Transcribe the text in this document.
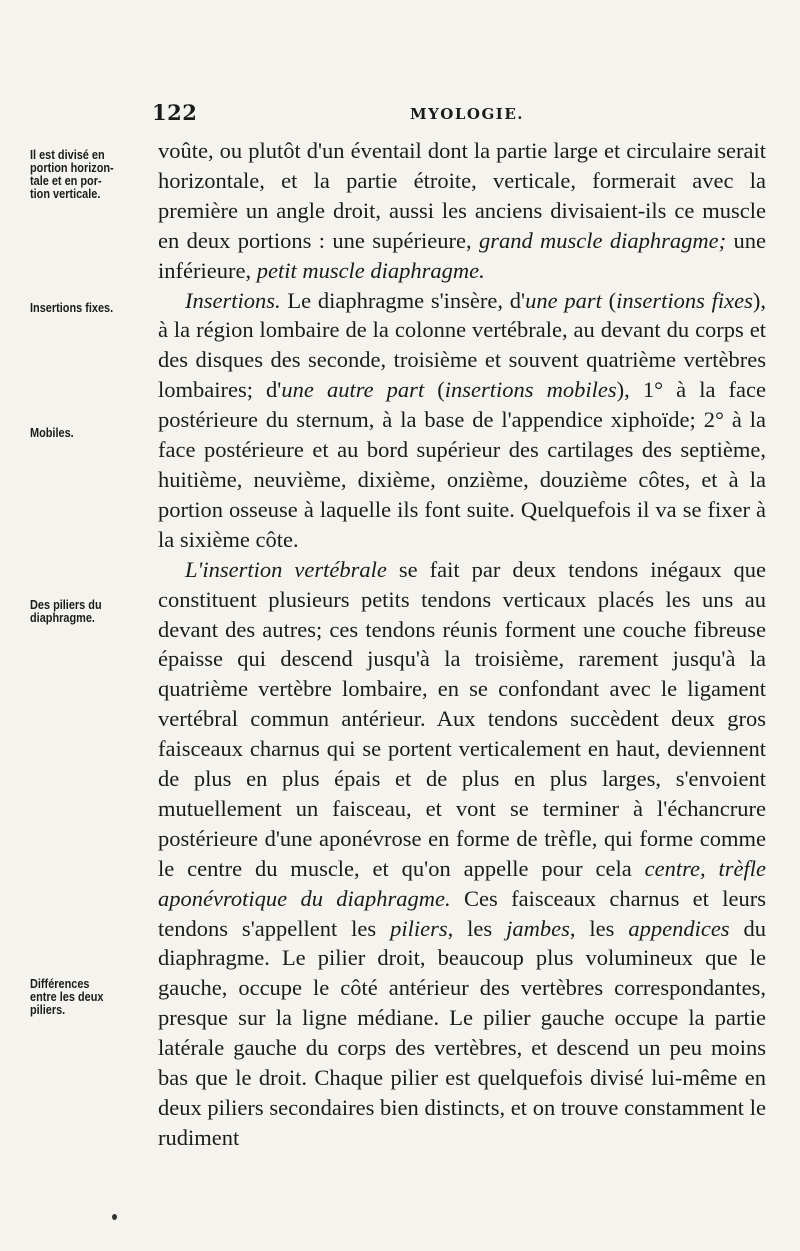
122	MYOLOGIE.
Il est divisé en
portion horizon-
tale et en por-
tion verticale.
Insertions fixes.
Mobiles.
Des piliers du
diaphragme.
Différences
entre les deux
piliers.

voûte, ou plutôt d'un éventail dont la partie large et circulaire serait horizontale, et la partie étroite, verticale, formerait avec la première un angle droit, aussi les anciens divisaient-ils ce muscle en deux portions : une supérieure, grand muscle diaphragme; une inférieure, petit muscle diaphragme.

Insertions. Le diaphragme s'insère, d'une part (insertions fixes), à la région lombaire de la colonne vertébrale, au devant du corps et des disques des seconde, troisième et souvent quatrième vertèbres lombaires; d'une autre part (insertions mobiles), 1° à la face postérieure du sternum, à la base de l'appendice xiphoïde; 2° à la face postérieure et au bord supérieur des cartilages des septième, huitième, neuvième, dixième, onzième, douzième côtes, et à la portion osseuse à laquelle ils font suite. Quelquefois il va se fixer à la sixième côte.

L'insertion vertébrale se fait par deux tendons inégaux que constituent plusieurs petits tendons verticaux placés les uns au devant des autres; ces tendons réunis forment une couche fibreuse épaisse qui descend jusqu'à la troisième, rarement jusqu'à la quatrième vertèbre lombaire, en se confondant avec le ligament vertébral commun antérieur. Aux tendons succèdent deux gros faisceaux charnus qui se portent verticalement en haut, deviennent de plus en plus épais et de plus en plus larges, s'envoient mutuellement un faisceau, et vont se terminer à l'échancrure postérieure d'une aponévrose en forme de trèfle, qui forme comme le centre du muscle, et qu'on appelle pour cela centre, trèfle aponévrotique du diaphragme. Ces faisceaux charnus et leurs tendons s'appellent les piliers, les jambes, les appendices du diaphragme. Le pilier droit, beaucoup plus volumineux que le gauche, occupe le côté antérieur des vertèbres correspondantes, presque sur la ligne médiane. Le pilier gauche occupe la partie latérale gauche du corps des vertèbres, et descend un peu moins bas que le droit. Chaque pilier est quelquefois divisé lui-même en deux piliers secondaires bien distincts, et on trouve constamment le rudiment
